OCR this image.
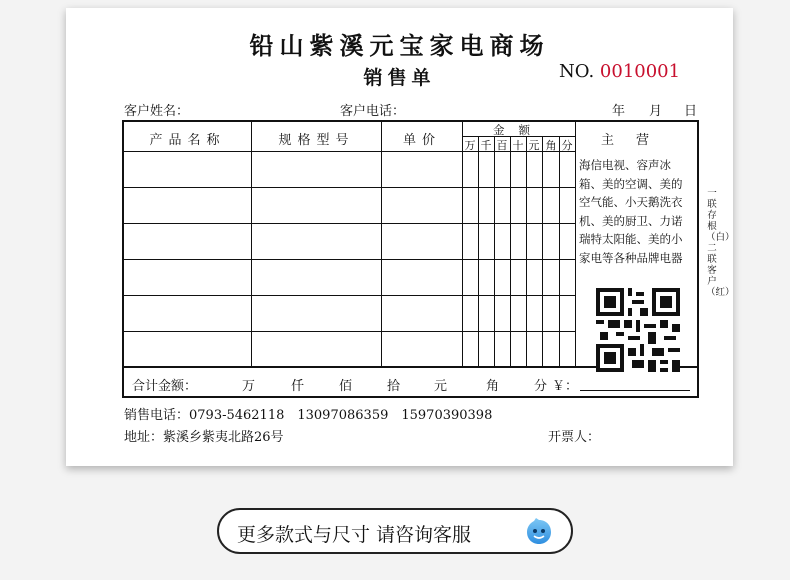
铅山紫溪元宝家电商场
销售单	NO. 0010001
客户姓名：	客户电话：	年 月 日
产品名称	规格型号	单价
金额
主营
万 千 百 十 元 角 分
海信电视、容声冰箱、美的空调、美的空气能、小天鹅洗衣机、美的厨卫、力诺瑞特太阳能、美的小家电等各种品牌电器
一联存根（白）二联客户（红）
合计金额：	万	仟	佰	拾	元	角	分 ￥：
销售电话：0793-5462118　13097086359　15970390398
地址：紫溪乡紫夷北路26号	开票人：
更多款式与尺寸 请咨询客服
